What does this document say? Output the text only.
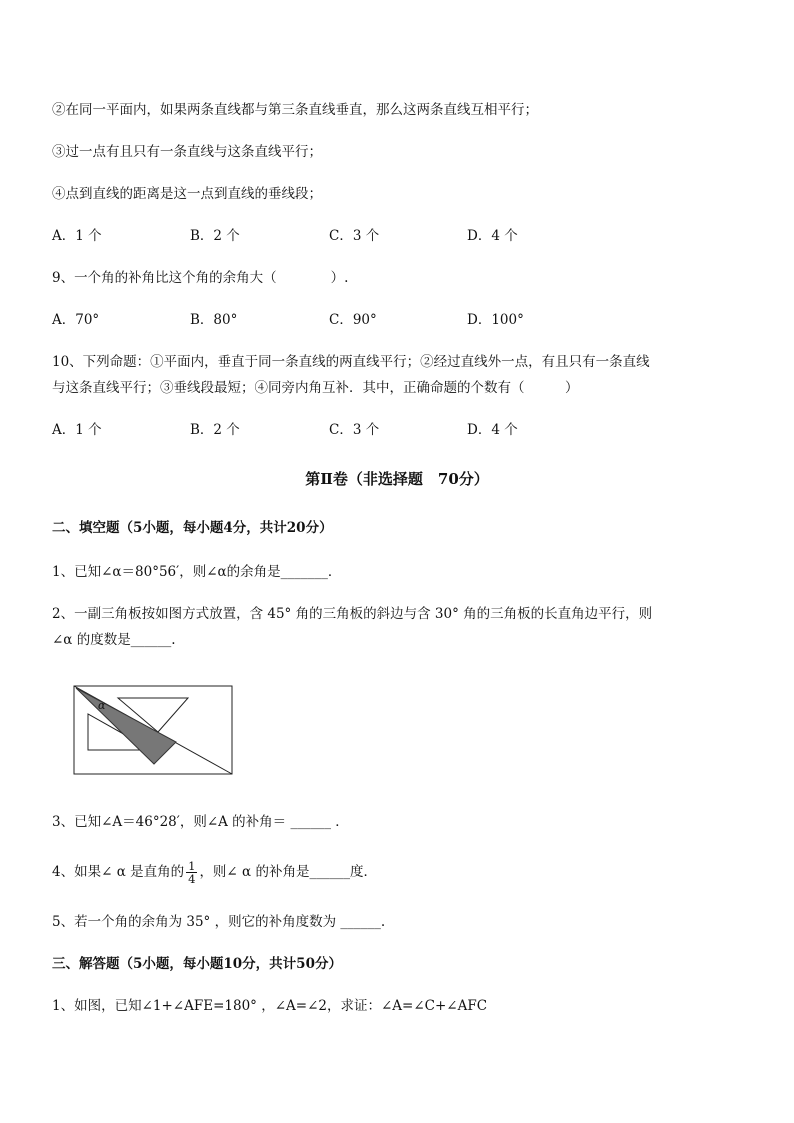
②在同一平面内，如果两条直线都与第三条直线垂直，那么这两条直线互相平行；
③过一点有且只有一条直线与这条直线平行；
④点到直线的距离是这一点到直线的垂线段；
A．1 个	B．2 个	C．3 个	D．4 个
9、一个角的补角比这个角的余角大（　　　　）.
A．70°	B．80°	C．90°	D．100°
10、下列命题：①平面内，垂直于同一条直线的两直线平行；②经过直线外一点，有且只有一条直线
与这条直线平行；③垂线段最短；④同旁内角互补．其中，正确命题的个数有（　　　）
A．1 个	B．2 个	C．3 个	D．4 个
第Ⅱ卷（非选择题　70分）
二、填空题（5小题，每小题4分，共计20分）
1、已知∠α＝80°56′，则∠α的余角是_______．
2、一副三角板按如图方式放置，含 45° 角的三角板的斜边与含 30° 角的三角板的长直角边平行，则
∠α 的度数是______.
α
3、已知∠A＝46°28′，则∠A 的补角＝ ______ ．
4、如果∠ α 是直角的 $\frac{1}{4}$ ，则∠ α 的补角是______度．
5、若一个角的余角为 35° ，则它的补角度数为 ______.
三、解答题（5小题，每小题10分，共计50分）
1、如图，已知∠1+∠AFE=180° ，∠A=∠2，求证：∠A=∠C+∠AFC
